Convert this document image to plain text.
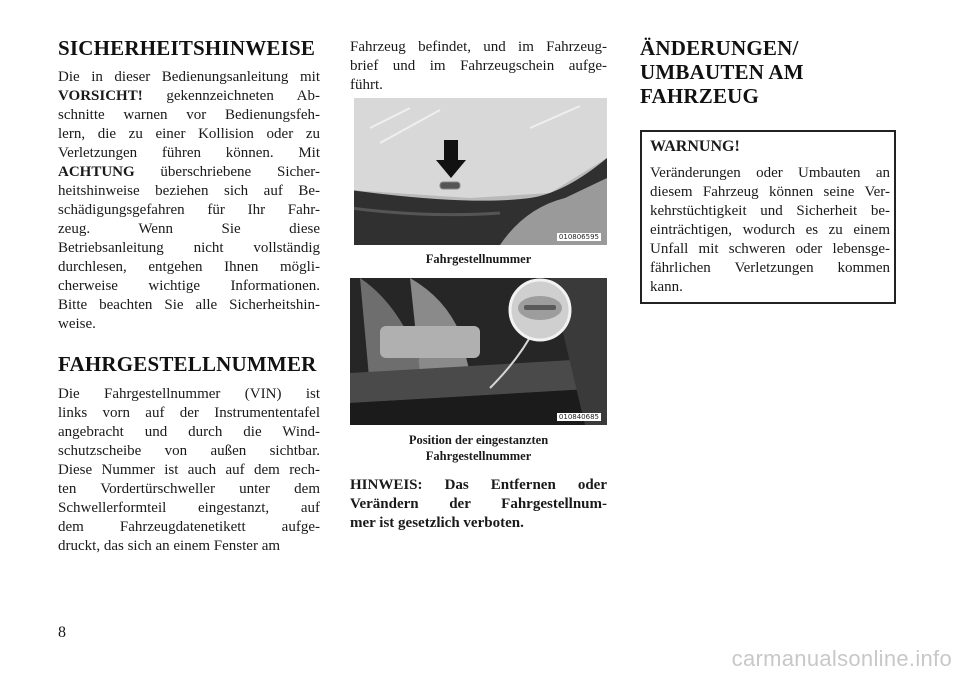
SICHERHEITSHINWEISE
Die in dieser Bedienungsanleitung mit
VORSICHT! gekennzeichneten Ab-
schnitte warnen vor Bedienungsfeh-
lern, die zu einer Kollision oder zu
Verletzungen führen können. Mit
ACHTUNG überschriebene Sicher-
heitshinweise beziehen sich auf Be-
schädigungsgefahren für Ihr Fahr-
zeug. Wenn Sie diese
Betriebsanleitung nicht vollständig
durchlesen, entgehen Ihnen mögli-
cherweise wichtige Informationen.
Bitte beachten Sie alle Sicherheitshin-
weise.
FAHRGESTELLNUMMER
Die Fahrgestellnummer (VIN) ist
links vorn auf der Instrumententafel
angebracht und durch die Wind-
schutzscheibe von außen sichtbar.
Diese Nummer ist auch auf dem rech-
ten Vordertürschweller unter dem
Schwellerformteil eingestanzt, auf
dem Fahrzeugdatenetikett aufge-
druckt, das sich an einem Fenster am
Fahrzeug befindet, und im Fahrzeug-
brief und im Fahrzeugschein aufge-
führt.
010806595
Fahrgestellnummer
010840685
Position der eingestanzten
Fahrgestellnummer
HINWEIS: Das Entfernen oder
Verändern der Fahrgestellnum-
mer ist gesetzlich verboten.
ÄNDERUNGEN/
UMBAUTEN AM
FAHRZEUG
WARNUNG!
Veränderungen oder Umbauten an
diesem Fahrzeug können seine Ver-
kehrstüchtigkeit und Sicherheit be-
einträchtigen, wodurch es zu einem
Unfall mit schweren oder lebensge-
fährlichen Verletzungen kommen
kann.
8
carmanualsonline.info
